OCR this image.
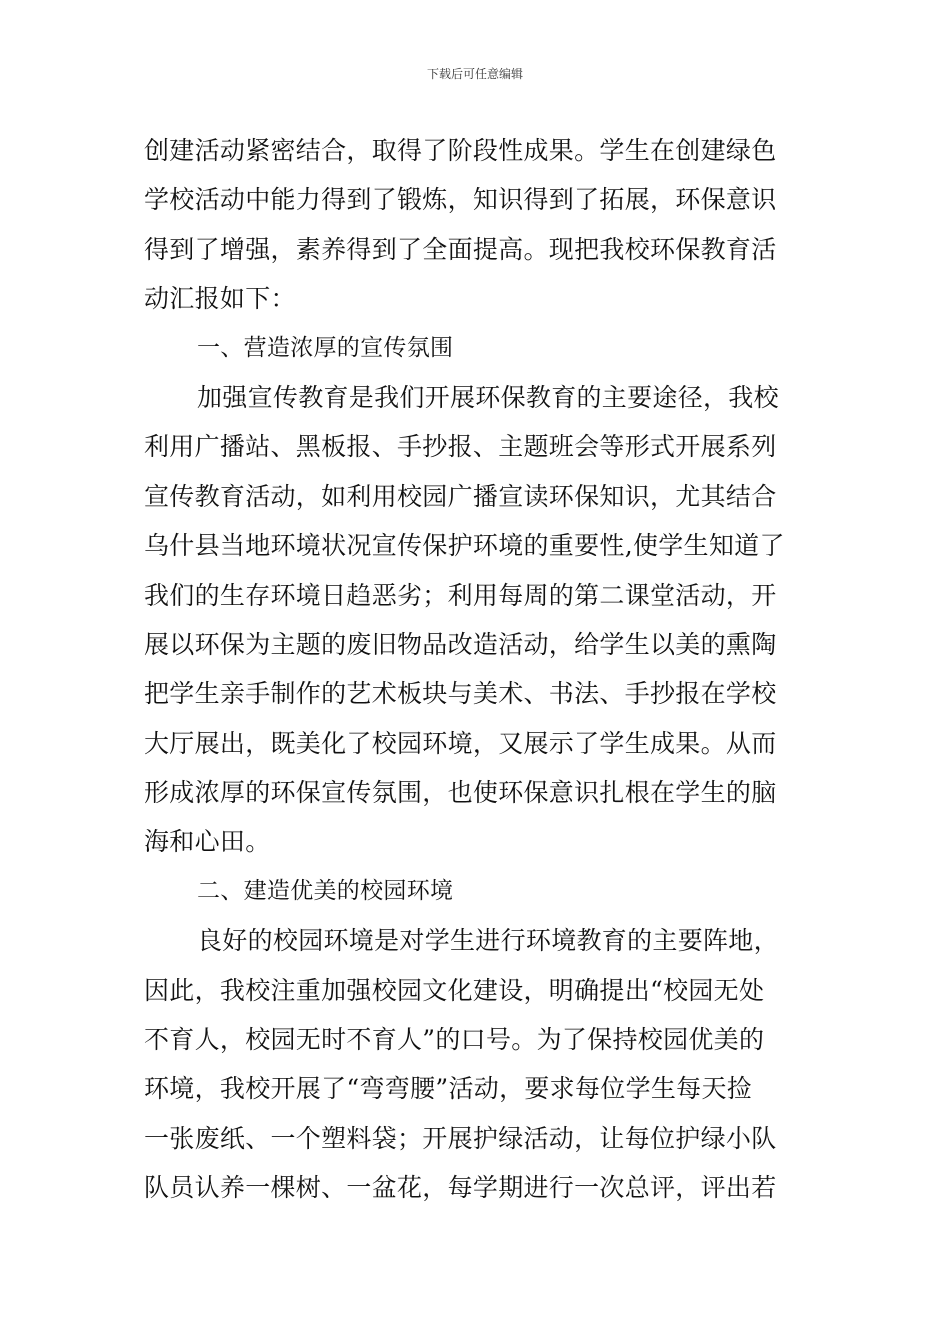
下载后可任意编辑
创建活动紧密结合，取得了阶段性成果。学生在创建绿色
学校活动中能力得到了锻炼，知识得到了拓展，环保意识
得到了增强，素养得到了全面提高。现把我校环保教育活
动汇报如下：
一、营造浓厚的宣传氛围
加强宣传教育是我们开展环保教育的主要途径，我校
利用广播站、黑板报、手抄报、主题班会等形式开展系列
宣传教育活动，如利用校园广播宣读环保知识，尤其结合
乌什县当地环境状况宣传保护环境的重要性,使学生知道了
我们的生存环境日趋恶劣；利用每周的第二课堂活动，开
展以环保为主题的废旧物品改造活动，给学生以美的熏陶
把学生亲手制作的艺术板块与美术、书法、手抄报在学校
大厅展出，既美化了校园环境，又展示了学生成果。从而
形成浓厚的环保宣传氛围，也使环保意识扎根在学生的脑
海和心田。
二、建造优美的校园环境
良好的校园环境是对学生进行环境教育的主要阵地，
因此，我校注重加强校园文化建设，明确提出“校园无处
不育人，校园无时不育人”的口号。为了保持校园优美的
环境，我校开展了“弯弯腰”活动，要求每位学生每天捡
一张废纸、一个塑料袋；开展护绿活动，让每位护绿小队
队员认养一棵树、一盆花，每学期进行一次总评，评出若
